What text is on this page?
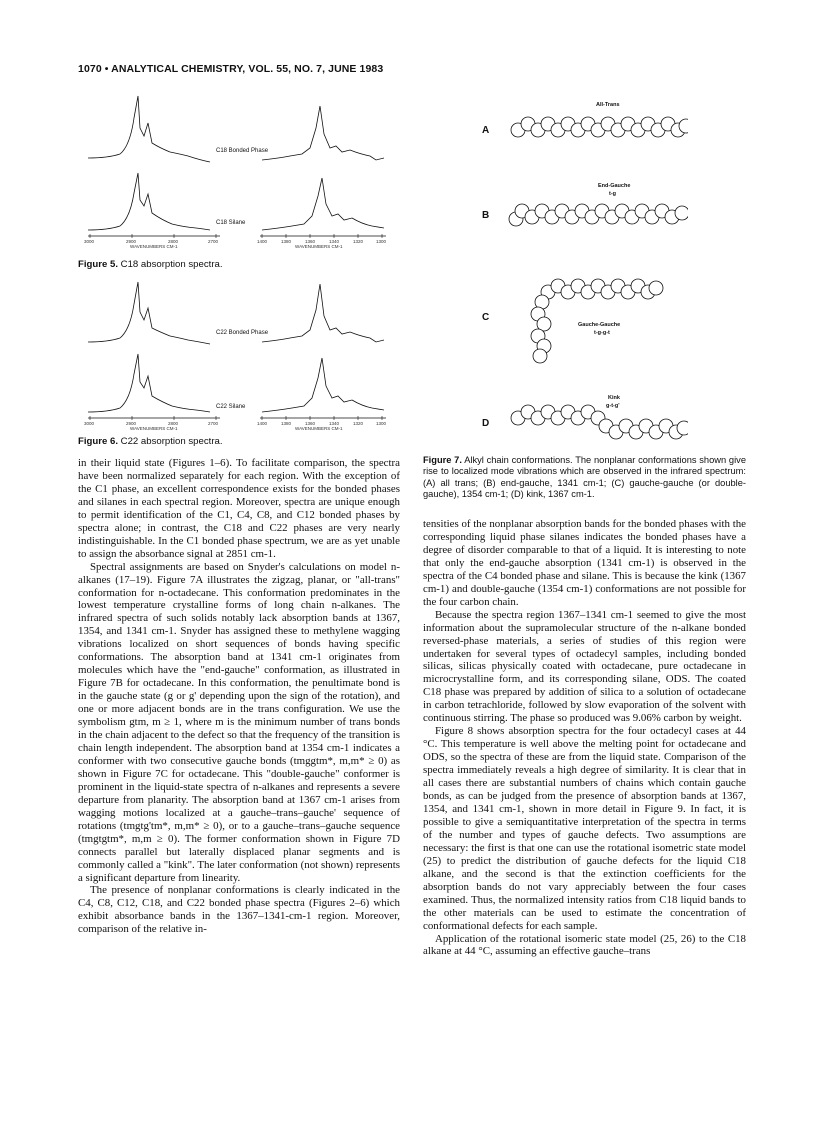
1070 • ANALYTICAL CHEMISTRY, VOL. 55, NO. 7, JUNE 1983
C18 Bonded Phase
C18 Silane
3000	2900	2800	2700
WAVENUMBERS CM-1
1400	1380	1360	1340	1320	1300
WAVENUMBERS CM-1
Figure 5. C18 absorption spectra.
C22 Bonded Phase
C22 Silane
3000	2900	2800	2700
WAVENUMBERS CM-1
1400	1380	1360	1340	1320	1300
WAVENUMBERS CM-1
Figure 6. C22 absorption spectra.
A
All-Trans
B
End-Gauche
t-g
C
Gauche-Gauche
t-g-g-t
D
Kink
g-t-g'
Figure 7. Alkyl chain conformations. The nonplanar conformations shown give rise to localized mode vibrations which are observed in the infrared spectrum: (A) all trans; (B) end-gauche, 1341 cm-1; (C) gauche-gauche (or double-gauche), 1354 cm-1; (D) kink, 1367 cm-1.

in their liquid state (Figures 1–6). To facilitate comparison, the spectra have been normalized separately for each region. With the exception of the C1 phase, an excellent correspondence exists for the bonded phases and silanes in each spectral region. Moreover, spectra are unique enough to permit identification of the C1, C4, C8, and C12 bonded phases by spectra alone; in contrast, the C18 and C22 phases are very nearly indistinguishable. In the C1 bonded phase spectrum, we are as yet unable to assign the absorbance signal at 2851 cm-1.

Spectral assignments are based on Snyder's calculations on model n-alkanes (17–19). Figure 7A illustrates the zigzag, planar, or "all-trans" conformation for n-octadecane. This conformation predominates in the lowest temperature crystalline forms of long chain n-alkanes. The infrared spectra of such solids notably lack absorption bands at 1367, 1354, and 1341 cm-1. Snyder has assigned these to methylene wagging vibrations localized on short sequences of bonds having specific conformations. The absorption band at 1341 cm-1 originates from molecules which have the "end-gauche" conformation, as illustrated in Figure 7B for octadecane. In this conformation, the penultimate bond is in the gauche state (g or g' depending upon the sign of the rotation), and one or more adjacent bonds are in the trans configuration. We use the symbolism gtm, m ≥ 1, where m is the minimum number of trans bonds in the chain adjacent to the defect so that the frequency of the transition is chain length independent. The absorption band at 1354 cm-1 indicates a conformer with two consecutive gauche bonds (tmggtm*, m,m* ≥ 0) as shown in Figure 7C for octadecane. This "double-gauche" conformer is prominent in the liquid-state spectra of n-alkanes and represents a severe departure from planarity. The absorption band at 1367 cm-1 arises from wagging motions localized at a gauche–trans–gauche' sequence of rotations (tmgtg'tm*, m,m* ≥ 0), or to a gauche–trans–gauche sequence (tmgtgtm*, m,m ≥ 0). The former conformation shown in Figure 7D connects parallel but laterally displaced planar segments and is commonly called a "kink". The later conformation (not shown) represents a significant departure from linearity.

The presence of nonplanar conformations is clearly indicated in the C4, C8, C12, C18, and C22 bonded phase spectra (Figures 2–6) which exhibit absorbance bands in the 1367–1341-cm-1 region. Moreover, comparison of the relative in-

tensities of the nonplanar absorption bands for the bonded phases with the corresponding liquid phase silanes indicates the bonded phases have a degree of disorder comparable to that of a liquid. It is interesting to note that only the end-gauche absorption (1341 cm-1) is observed in the spectra of the C4 bonded phase and silane. This is because the kink (1367 cm-1) and double-gauche (1354 cm-1) conformations are not possible for the four carbon chain.

Because the spectra region 1367–1341 cm-1 seemed to give the most information about the supramolecular structure of the n-alkane bonded reversed-phase materials, a series of studies of this region were undertaken for several types of octadecyl samples, including bonded silicas, silicas physically coated with octadecane, pure octadecane in microcrystalline form, and its corresponding silane, ODS. The coated C18 phase was prepared by addition of silica to a solution of octadecane in carbon tetrachloride, followed by slow evaporation of the solvent with continuous stirring. The phase so produced was 9.06% carbon by weight.

Figure 8 shows absorption spectra for the four octadecyl cases at 44 °C. This temperature is well above the melting point for octadecane and ODS, so the spectra of these are from the liquid state. Comparison of the spectra immediately reveals a high degree of similarity. It is clear that in all cases there are substantial numbers of chains which contain gauche bonds, as can be judged from the presence of absorption bands at 1367, 1354, and 1341 cm-1, shown in more detail in Figure 9. In fact, it is possible to give a semiquantitative interpretation of the spectra in terms of the number and types of gauche defects. Two assumptions are necessary: the first is that one can use the rotational isometric state model (25) to predict the distribution of gauche defects for the liquid C18 alkane, and the second is that the extinction coefficients for the absorption bands do not vary appreciably between the four cases examined. Thus, the normalized intensity ratios from C18 liquid bands to the other materials can be used to estimate the concentration of conformational defects for each sample.

Application of the rotational isomeric state model (25, 26) to the C18 alkane at 44 °C, assuming an effective gauche–trans
